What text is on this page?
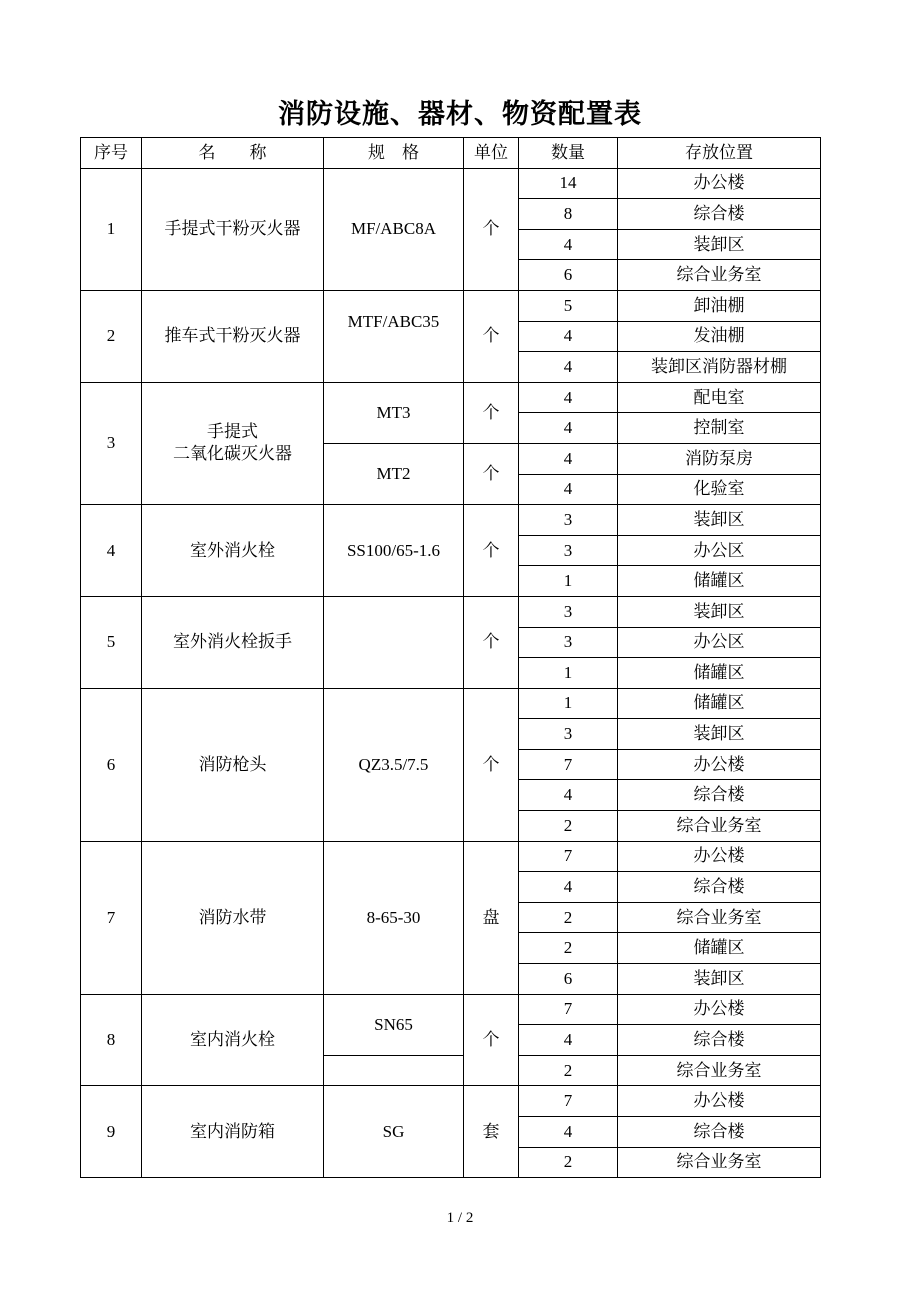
消防设施、器材、物资配置表
序号	名　　称	规　格	单位	数量	存放位置
1	手提式干粉灭火器	MF/ABC8A	个	14	办公楼
				8	综合楼
				4	装卸区
				6	综合业务室
2	推车式干粉灭火器	MTF/ABC35	个	5	卸油棚
				4	发油棚
				4	装卸区消防器材棚
3	手提式
二氧化碳灭火器	MT3	个	4	配电室
				4	控制室
		MT2	个	4	消防泵房
				4	化验室
4	室外消火栓	SS100/65-1.6	个	3	装卸区
				3	办公区
				1	储罐区
5	室外消火栓扳手		个	3	装卸区
				3	办公区
				1	储罐区
6	消防枪头	QZ3.5/7.5	个	1	储罐区
				3	装卸区
				7	办公楼
				4	综合楼
				2	综合业务室
7	消防水带	8-65-30	盘	7	办公楼
				4	综合楼
				2	综合业务室
				2	储罐区
				6	装卸区
8	室内消火栓	SN65	个	7	办公楼
				4	综合楼
				2	综合业务室
9	室内消防箱	SG	套	7	办公楼
				4	综合楼
				2	综合业务室
1 / 2
